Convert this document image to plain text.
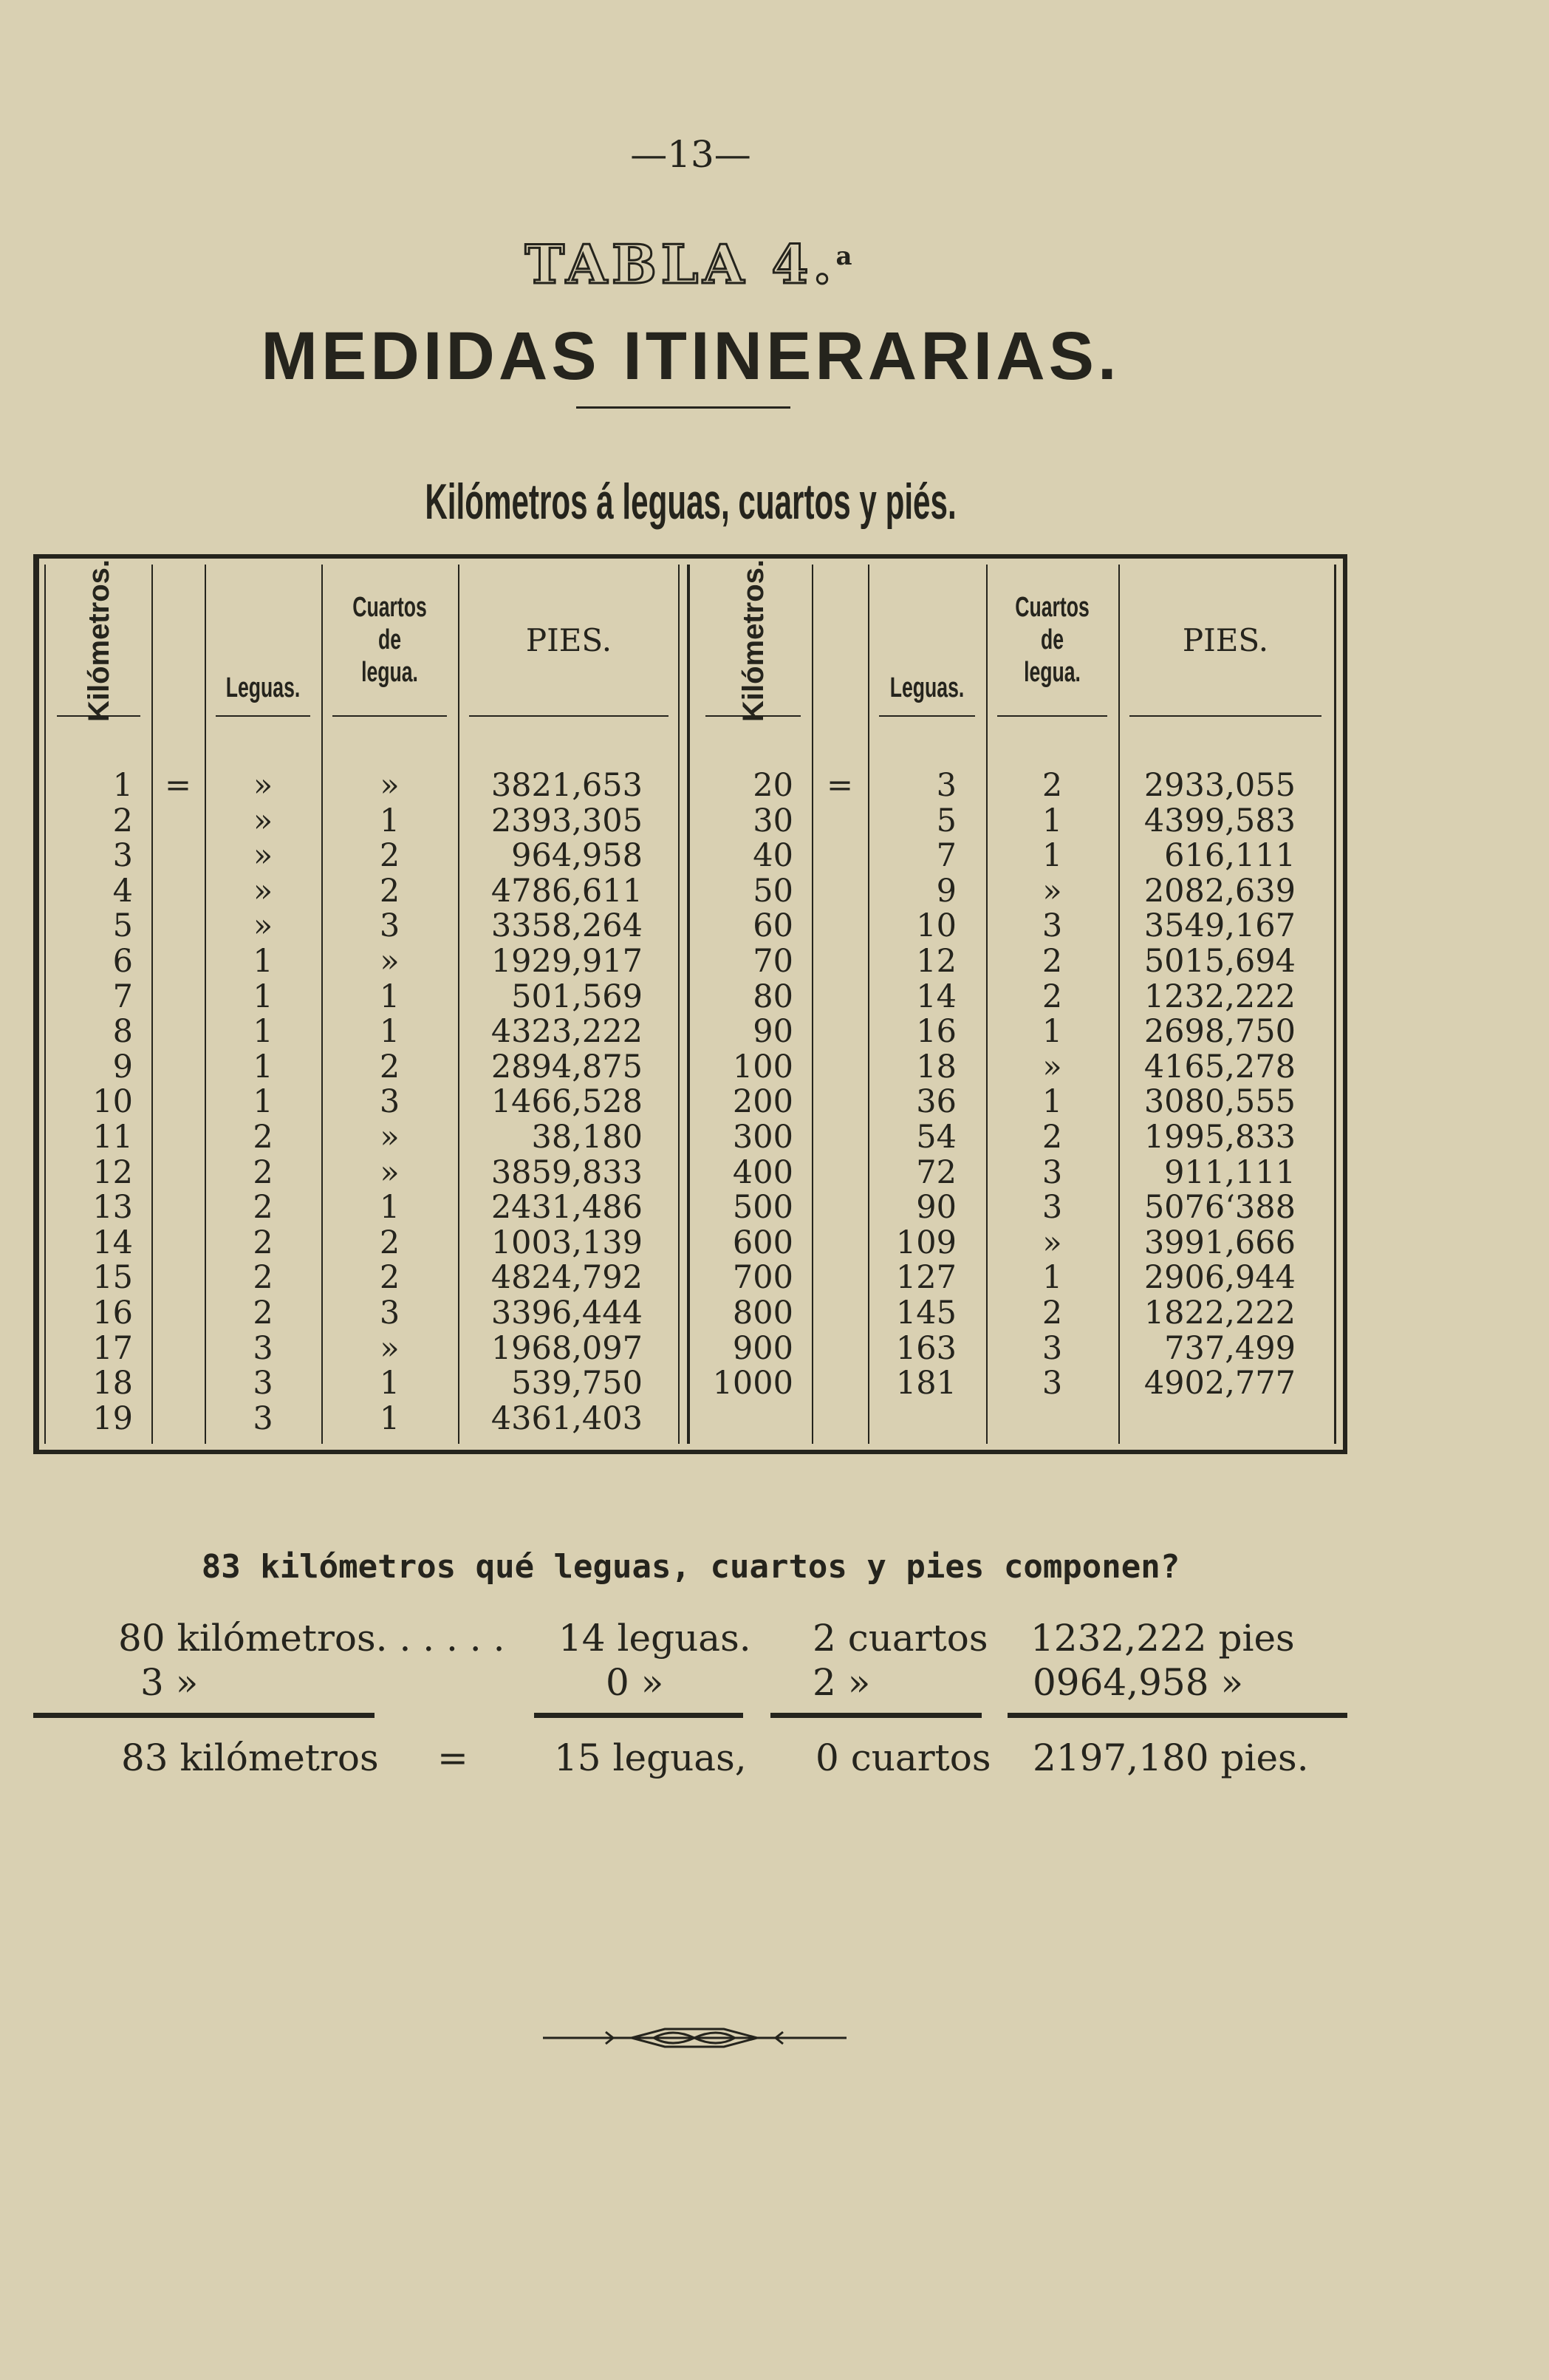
—13—
TABLA 4.$^a$
MEDIDAS ITINERARIAS.
Kilómetros á leguas, cuartos y piés.
Kilómetros.	Leguas.
Cuartos de legua.
PIES.
=
1	»	»	3821,653
2	»	1	2393,305
3	»	2	964,958
4	»	2	4786,611
5	»	3	3358,264
6	1	»	1929,917
7	1	1	501,569
8	1	1	4323,222
9	1	2	2894,875
10	1	3	1466,528
11	2	»	38,180
12	2	»	3859,833
13	2	1	2431,486
14	2	2	1003,139
15	2	2	4824,792
16	2	3	3396,444
17	3	»	1968,097
18	3	1	539,750
19	3	1	4361,403
Kilómetros.	Leguas.
Cuartos de legua.
PIES.
=
20	3	2	2933,055
30	5	1	4399,583
40	7	1	616,111
50	9	»	2082,639
60	10	3	3549,167
70	12	2	5015,694
80	14	2	1232,222
90	16	1	2698,750
100	18	»	4165,278
200	36	1	3080,555
300	54	2	1995,833
400	72	3	911,111
500	90	3	5076‘388
600	109	»	3991,666
700	127	1	2906,944
800	145	2	1822,222
900	163	3	737,499
1000	181	3	4902,777
83 kilómetros qué leguas, cuartos y pies componen?
80 kilómetros. . . . . . 14 leguas. 2 cuartos 1232,222 pies
3 »	0 »	2 »	0964,958 »
83 kilómetros = 15 leguas, 0 cuartos 2197,180 pies.
